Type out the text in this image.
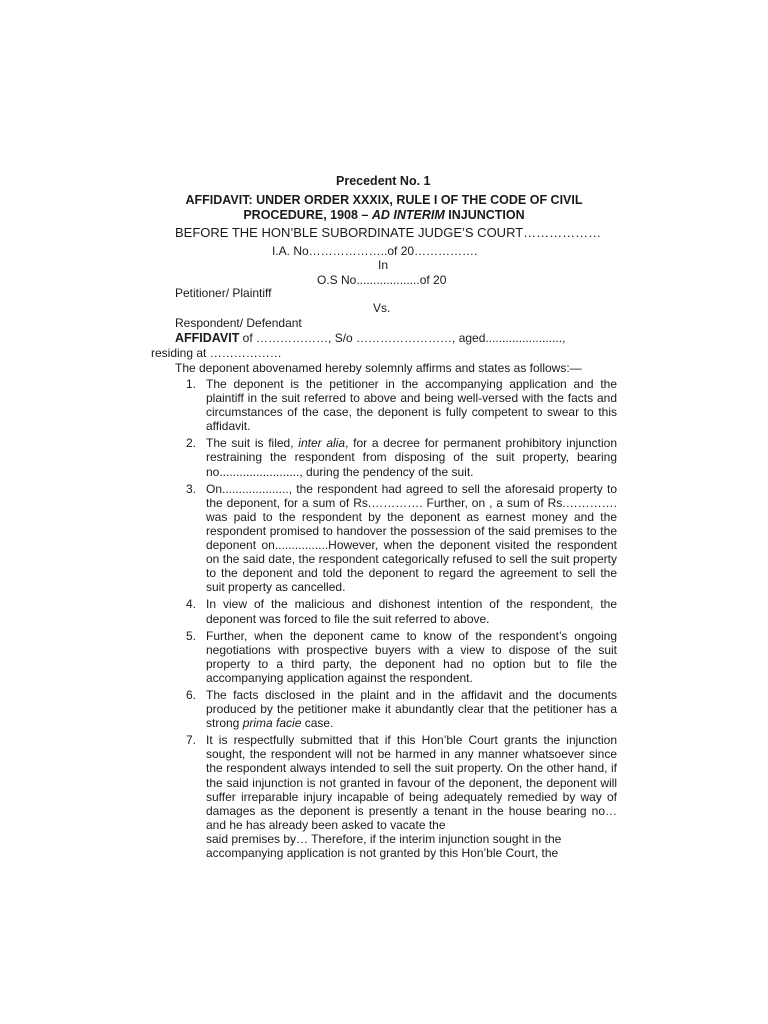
Precedent No. 1
AFFIDAVIT: UNDER ORDER XXXIX, RULE I OF THE CODE OF CIVIL
PROCEDURE, 1908 – AD INTERIM INJUNCTION
BEFORE THE HON’BLE SUBORDINATE JUDGE’S COURT………………
I.A. No………………..of 20…………….
In
O.S No...................of 20
Petitioner/ Plaintiff
Vs.
Respondent/ Defendant
AFFIDAVIT of ………………, S/o ……………………, aged.......................,
residing at ………………
The deponent abovenamed hereby solemnly affirms and states as follows:—
1. The deponent is the petitioner in the accompanying application and the plaintiff in the suit referred to above and being well-versed with the facts and circumstances of the case, the deponent is fully competent to swear to this affidavit.
2. The suit is filed, inter alia, for a decree for permanent prohibitory injunction restraining the respondent from disposing of the suit property, bearing no........................, during the pendency of the suit.
3. On...................., the respondent had agreed to sell the aforesaid property to the deponent, for a sum of Rs.…………. Further, on , a sum of Rs.…………. was paid to the respondent by the deponent as earnest money and the respondent promised to handover the possession of the said premises to the deponent on................However, when the deponent visited the respondent on the said date, the respondent categorically refused to sell the suit property to the deponent and told the deponent to regard the agreement to sell the suit property as cancelled.
4. In view of the malicious and dishonest intention of the respondent, the deponent was forced to file the suit referred to above.
5. Further, when the deponent came to know of the respondent’s ongoing negotiations with prospective buyers with a view to dispose of the suit property to a third party, the deponent had no option but to file the accompanying application against the respondent.
6. The facts disclosed in the plaint and in the affidavit and the documents produced by the petitioner make it abundantly clear that the petitioner has a strong prima facie case.
7. It is respectfully submitted that if this Hon’ble Court grants the injunction sought, the respondent will not be harmed in any manner whatsoever since the respondent always intended to sell the suit property. On the other hand, if the said injunction is not granted in favour of the deponent, the deponent will suffer irreparable injury incapable of being adequately remedied by way of damages as the deponent is presently a tenant in the house bearing no… and he has already been asked to vacate the
said premises by… Therefore, if the interim injunction sought in the
accompanying application is not granted by this Hon’ble Court, the
